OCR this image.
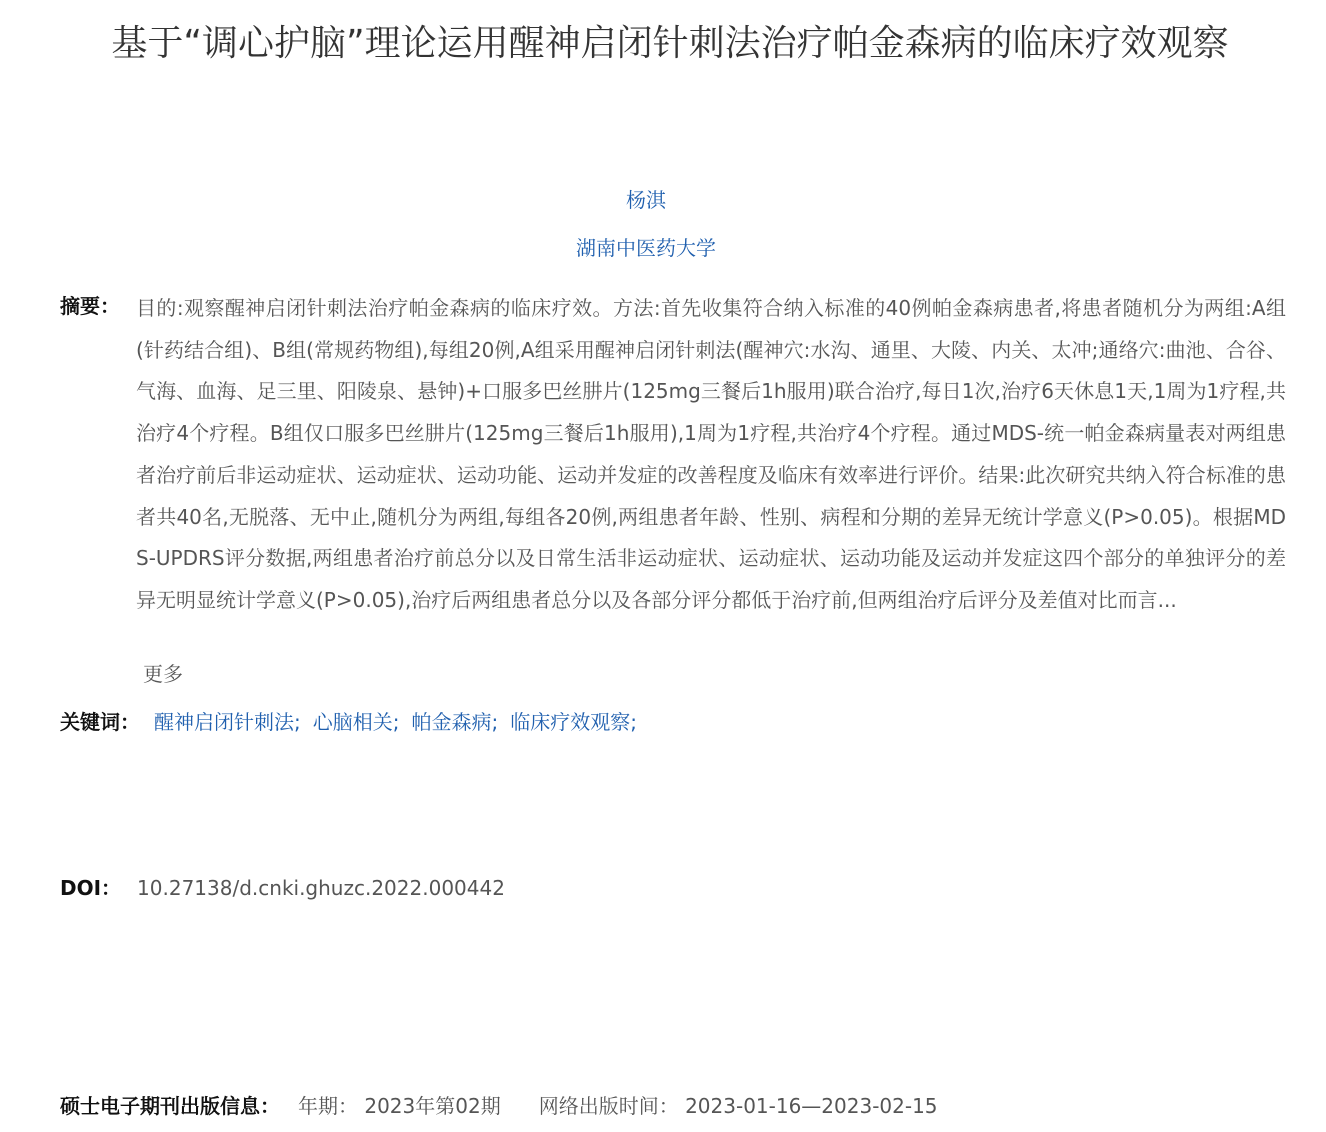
基于“调心护脑”理论运用醒神启闭针刺法治疗帕金森病的临床疗效观察
杨淇
湖南中医药大学
摘要： 目的:观察醒神启闭针刺法治疗帕金森病的临床疗效。方法:首先收集符合纳入标准的40例帕金森病患者,将患者随机分为两组:A组(针药结合组)、B组(常规药物组),每组20例,A组采用醒神启闭针刺法(醒神穴:水沟、通里、大陵、内关、太冲;通络穴:曲池、合谷、气海、血海、足三里、阳陵泉、悬钟)+口服多巴丝肼片(125mg三餐后1h服用)联合治疗,每日1次,治疗6天休息1天,1周为1疗程,共治疗4个疗程。B组仅口服多巴丝肼片(125mg三餐后1h服用),1周为1疗程,共治疗4个疗程。通过MDS-统一帕金森病量表对两组患者治疗前后非运动症状、运动症状、运动功能、运动并发症的改善程度及临床有效率进行评价。结果:此次研究共纳入符合标准的患者共40名,无脱落、无中止,随机分为两组,每组各20例,两组患者年龄、性别、病程和分期的差异无统计学意义(P>0.05)。根据MDS-UPDRS评分数据,两组患者治疗前总分以及日常生活非运动症状、运动症状、运动功能及运动并发症这四个部分的单独评分的差异无明显统计学意义(P>0.05),治疗后两组患者总分以及各部分评分都低于治疗前,但两组治疗后评分及差值对比而言...
更多
关键词： 醒神启闭针刺法; 心脑相关; 帕金森病; 临床疗效观察;
DOI： 10.27138/d.cnki.ghuzc.2022.000442
硕士电子期刊出版信息： 年期： 2023年第02期 网络出版时间： 2023-01-16—2023-02-15
